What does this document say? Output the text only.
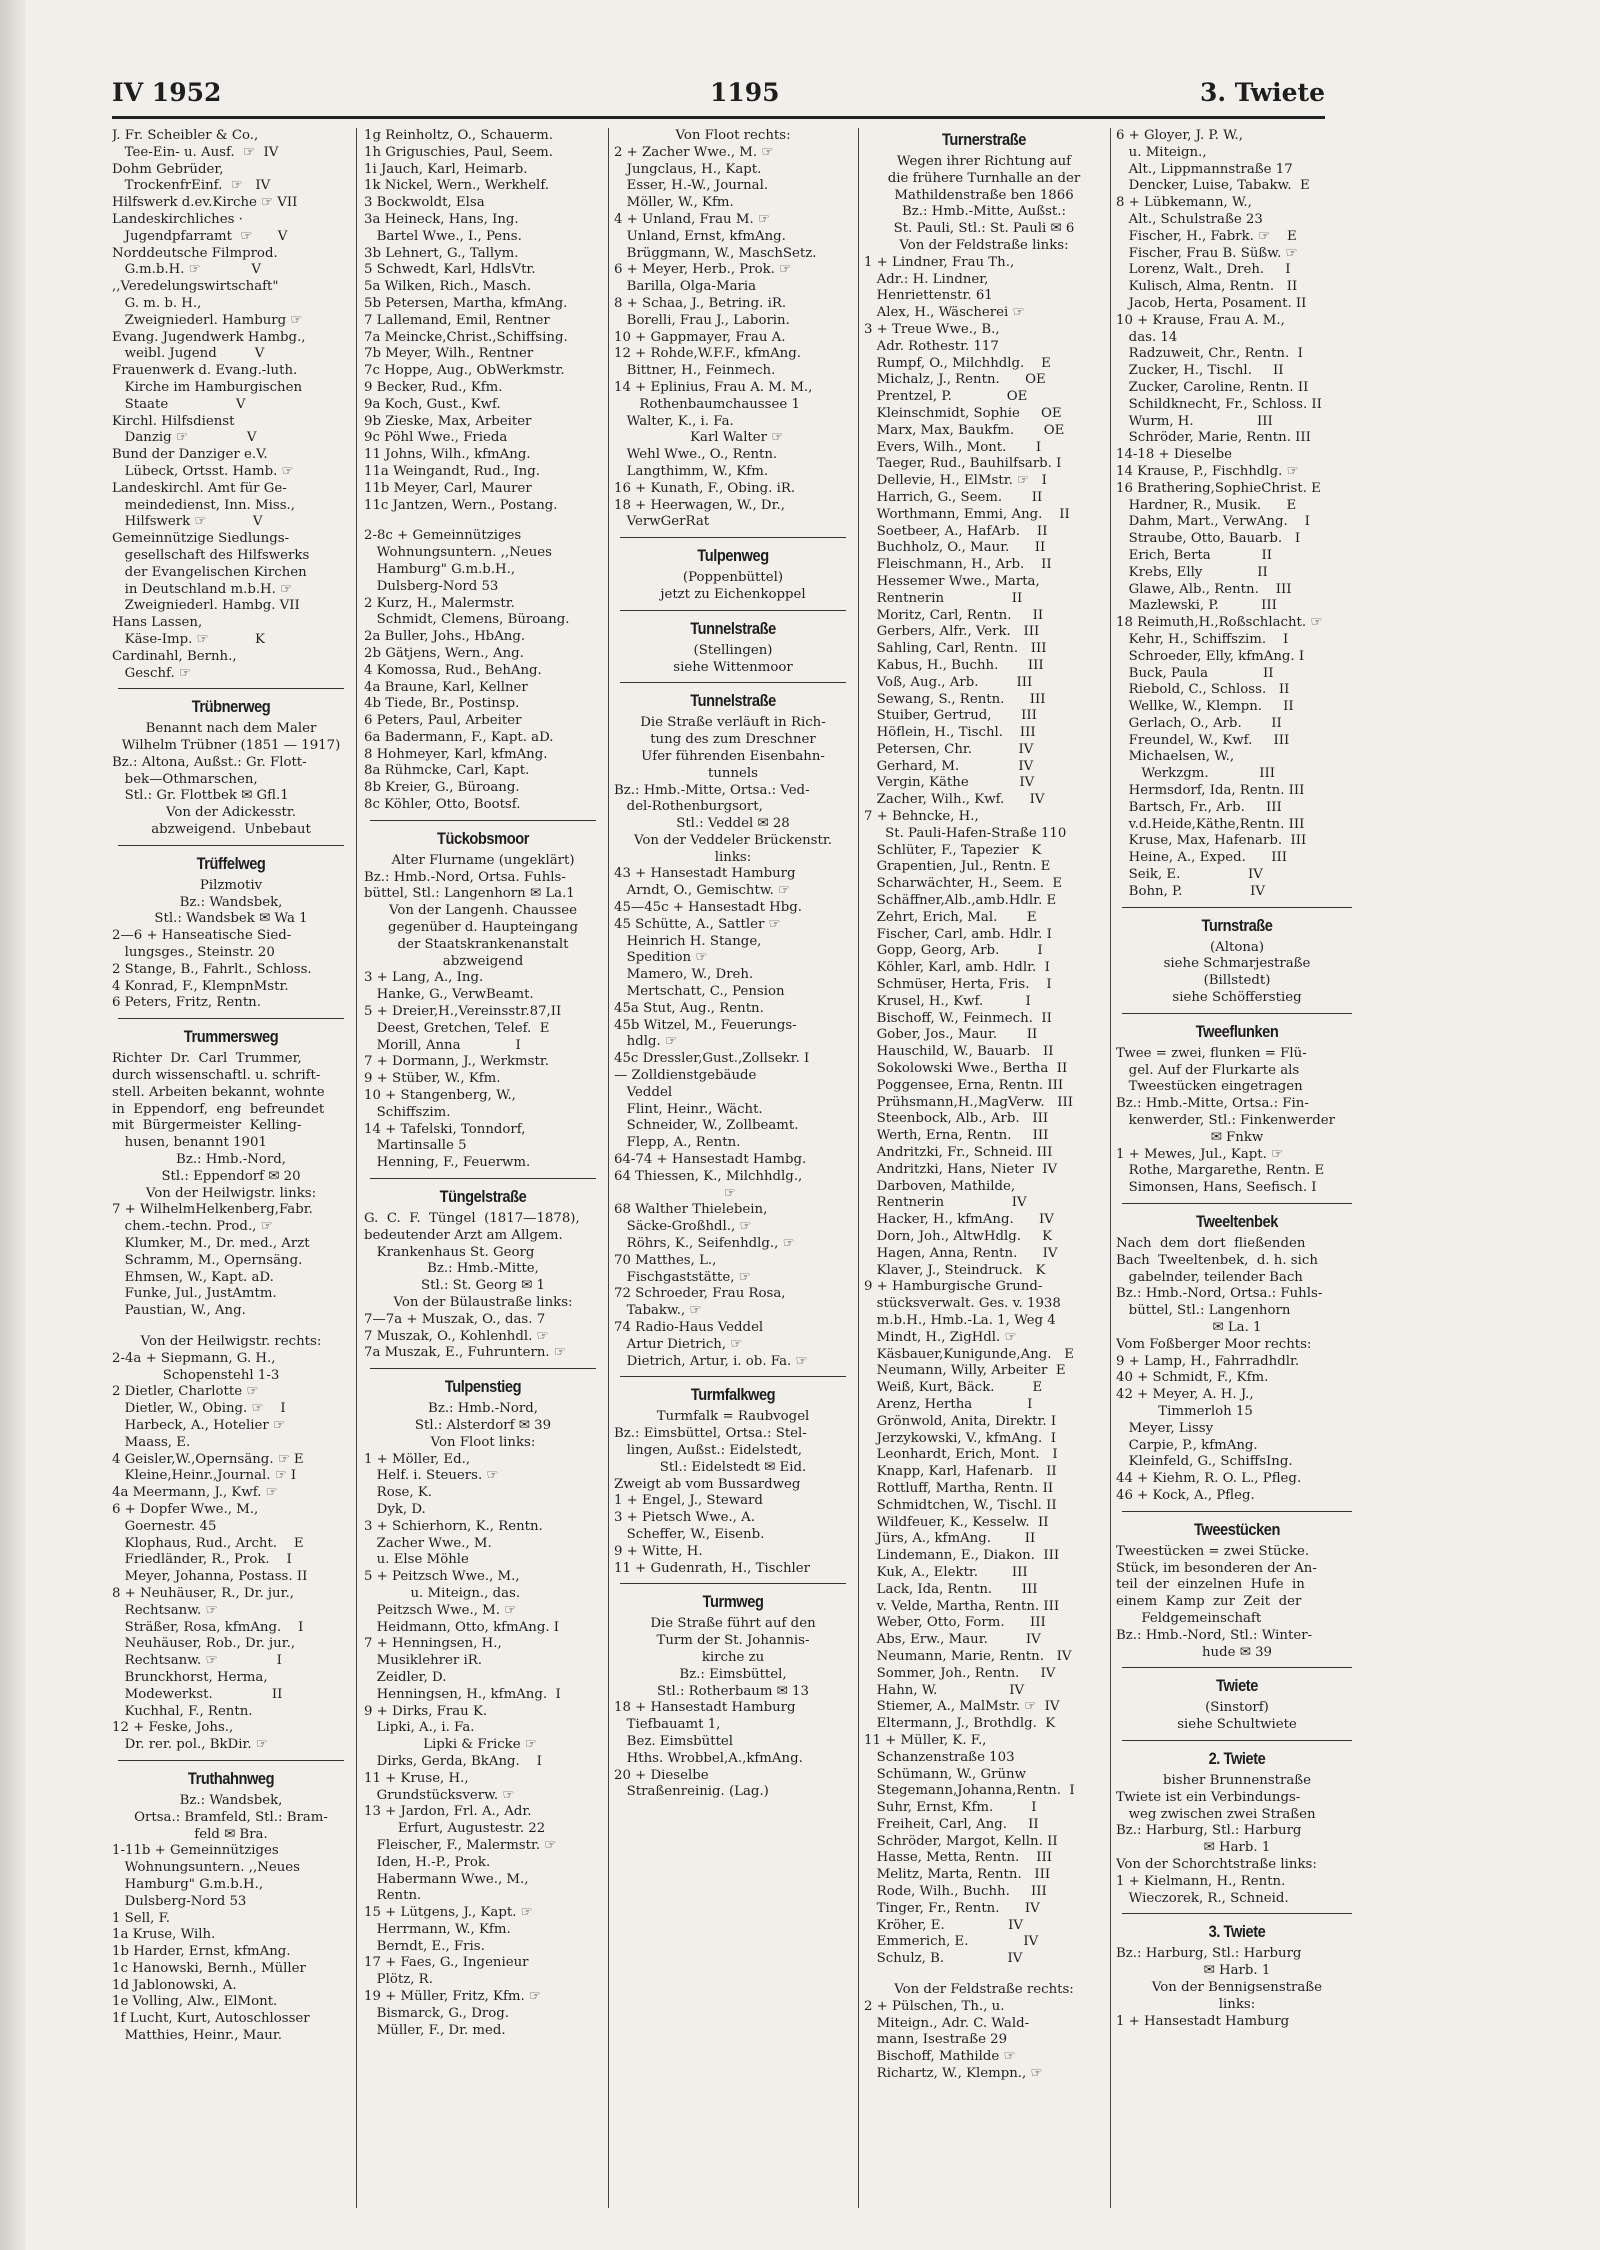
IV 1952	1195	3. Twiete
J. Fr. Scheibler & Co.,
Tee-Ein- u. Ausf.  ☞  IV
Dohm Gebrüder,
TrockenfrEinf.  ☞   IV
Hilfswerk d.ev.Kirche ☞ VII
Landeskirchliches ·
Jugendpfarramt  ☞      V
Norddeutsche Filmprod.
G.m.b.H. ☞            V
,,Veredelungswirtschaft"
G. m. b. H.,
Zweigniederl. Hamburg ☞
Evang. Jugendwerk Hambg.,
weibl. Jugend         V
Frauenwerk d. Evang.-luth.
Kirche im Hamburgischen
Staate                V
Kirchl. Hilfsdienst
Danzig ☞              V
Bund der Danziger e.V.
Lübeck, Ortsst. Hamb. ☞
Landeskirchl. Amt für Ge-
meindedienst, Inn. Miss.,
Hilfswerk ☞           V
Gemeinnützige Siedlungs-
gesellschaft des Hilfswerks
der Evangelischen Kirchen
in Deutschland m.b.H. ☞
Zweigniederl. Hambg. VII
Hans Lassen,
Käse-Imp. ☞           K
Cardinahl, Bernh.,
Geschf. ☞
Trübnerweg
Benannt nach dem Maler
Wilhelm Trübner (1851 — 1917)
Bz.: Altona, Außst.: Gr. Flott-
bek—Othmarschen,
Stl.: Gr. Flottbek ✉ Gfl.1
Von der Adickesstr.
abzweigend.  Unbebaut
Trüffelweg
Pilzmotiv
Bz.: Wandsbek,
Stl.: Wandsbek ✉ Wa 1
2—6 + Hanseatische Sied-
lungsges., Steinstr. 20
2 Stange, B., Fahrlt., Schloss.
4 Konrad, F., KlempnMstr.
6 Peters, Fritz, Rentn.
Trummersweg
Richter  Dr.  Carl  Trummer,
durch wissenschaftl. u. schrift-
stell. Arbeiten bekannt, wohnte
in  Eppendorf,  eng  befreundet
mit  Bürgermeister  Kelling-
husen, benannt 1901
Bz.: Hmb.-Nord,
Stl.: Eppendorf ✉ 20
Von der Heilwigstr. links:
7 + WilhelmHelkenberg,Fabr.
chem.-techn. Prod., ☞
Klumker, M., Dr. med., Arzt
Schramm, M., Opernsäng.
Ehmsen, W., Kapt. aD.
Funke, Jul., JustAmtm.
Paustian, W., Ang.
Von der Heilwigstr. rechts:
2-4a + Siepmann, G. H.,
Schopenstehl 1-3
2 Dietler, Charlotte ☞
Dietler, W., Obing. ☞    I
Harbeck, A., Hotelier ☞
Maass, E.
4 Geisler,W.,Opernsäng. ☞ E
Kleine,Heinr.,Journal. ☞ I
4a Meermann, J., Kwf. ☞
6 + Dopfer Wwe., M.,
Goernestr. 45
Klophaus, Rud., Archt.    E
Friedländer, R., Prok.    I
Meyer, Johanna, Postass. II
8 + Neuhäuser, R., Dr. jur.,
Rechtsanw. ☞
Sträßer, Rosa, kfmAng.    I
Neuhäuser, Rob., Dr. jur.,
Rechtsanw. ☞              I
Brunckhorst, Herma,
Modewerkst.              II
Kuchhal, F., Rentn.
12 + Feske, Johs.,
Dr. rer. pol., BkDir. ☞
Truthahnweg
Bz.: Wandsbek,
Ortsa.: Bramfeld, Stl.: Bram-
feld ✉ Bra.
1-11b + Gemeinnütziges
Wohnungsuntern. ,,Neues
Hamburg" G.m.b.H.,
Dulsberg-Nord 53
1 Sell, F.
1a Kruse, Wilh.
1b Harder, Ernst, kfmAng.
1c Hanowski, Bernh., Müller
1d Jablonowski, A.
1e Volling, Alw., ElMont.
1f Lucht, Kurt, Autoschlosser
Matthies, Heinr., Maur.
1g Reinholtz, O., Schauerm.
1h Griguschies, Paul, Seem.
1i Jauch, Karl, Heimarb.
1k Nickel, Wern., Werkhelf.
3 Bockwoldt, Elsa
3a Heineck, Hans, Ing.
Bartel Wwe., I., Pens.
3b Lehnert, G., Tallym.
5 Schwedt, Karl, HdlsVtr.
5a Wilken, Rich., Masch.
5b Petersen, Martha, kfmAng.
7 Lallemand, Emil, Rentner
7a Meincke,Christ.,Schiffsing.
7b Meyer, Wilh., Rentner
7c Hoppe, Aug., ObWerkmstr.
9 Becker, Rud., Kfm.
9a Koch, Gust., Kwf.
9b Zieske, Max, Arbeiter
9c Pöhl Wwe., Frieda
11 Johns, Wilh., kfmAng.
11a Weingandt, Rud., Ing.
11b Meyer, Carl, Maurer
11c Jantzen, Wern., Postang.
2-8c + Gemeinnütziges
Wohnungsuntern. ,,Neues
Hamburg" G.m.b.H.,
Dulsberg-Nord 53
2 Kurz, H., Malermstr.
Schmidt, Clemens, Büroang.
2a Buller, Johs., HbAng.
2b Gätjens, Wern., Ang.
4 Komossa, Rud., BehAng.
4a Braune, Karl, Kellner
4b Tiede, Br., Postinsp.
6 Peters, Paul, Arbeiter
6a Badermann, F., Kapt. aD.
8 Hohmeyer, Karl, kfmAng.
8a Rühmcke, Carl, Kapt.
8b Kreier, G., Büroang.
8c Köhler, Otto, Bootsf.
Tückobsmoor
Alter Flurname (ungeklärt)
Bz.: Hmb.-Nord, Ortsa. Fuhls-
büttel, Stl.: Langenhorn ✉ La.1
Von der Langenh. Chaussee
gegenüber d. Haupteingang
der Staatskrankenanstalt
abzweigend
3 + Lang, A., Ing.
Hanke, G., VerwBeamt.
5 + Dreier,H.,Vereinsstr.87,II
Deest, Gretchen, Telef.  E
Morill, Anna             I
7 + Dormann, J., Werkmstr.
9 + Stüber, W., Kfm.
10 + Stangenberg, W.,
Schiffszim.
14 + Tafelski, Tonndorf,
Martinsalle 5
Henning, F., Feuerwm.
Tüngelstraße
G.  C.  F.  Tüngel  (1817—1878),
bedeutender Arzt am Allgem.
Krankenhaus St. Georg
Bz.: Hmb.-Mitte,
Stl.: St. Georg ✉ 1
Von der Bülaustraße links:
7—7a + Muszak, O., das. 7
7 Muszak, O., Kohlenhdl. ☞
7a Muszak, E., Fuhruntern. ☞
Tulpenstieg
Bz.: Hmb.-Nord,
Stl.: Alsterdorf ✉ 39
Von Floot links:
1 + Möller, Ed.,
Helf. i. Steuers. ☞
Rose, K.
Dyk, D.
3 + Schierhorn, K., Rentn.
Zacher Wwe., M.
u. Else Möhle
5 + Peitzsch Wwe., M.,
u. Miteign., das.
Peitzsch Wwe., M. ☞
Heidmann, Otto, kfmAng. I
7 + Henningsen, H.,
Musiklehrer iR.
Zeidler, D.
Henningsen, H., kfmAng.  I
9 + Dirks, Frau K.
Lipki, A., i. Fa.
Lipki & Fricke ☞
Dirks, Gerda, BkAng.    I
11 + Kruse, H.,
Grundstücksverw. ☞
13 + Jardon, Frl. A., Adr.
Erfurt, Augustestr. 22
Fleischer, F., Malermstr. ☞
Iden, H.-P., Prok.
Habermann Wwe., M.,
Rentn.
15 + Lütgens, J., Kapt. ☞
Herrmann, W., Kfm.
Berndt, E., Fris.
17 + Faes, G., Ingenieur
Plötz, R.
19 + Müller, Fritz, Kfm. ☞
Bismarck, G., Drog.
Müller, F., Dr. med.
Von Floot rechts:
2 + Zacher Wwe., M. ☞
Jungclaus, H., Kapt.
Esser, H.-W., Journal.
Möller, W., Kfm.
4 + Unland, Frau M. ☞
Unland, Ernst, kfmAng.
Brüggmann, W., MaschSetz.
6 + Meyer, Herb., Prok. ☞
Barilla, Olga-Maria
8 + Schaa, J., Betring. iR.
Borelli, Frau J., Laborin.
10 + Gappmayer, Frau A.
12 + Rohde,W.F.F., kfmAng.
Bittner, H., Feinmech.
14 + Eplinius, Frau A. M. M.,
Rothenbaumchaussee 1
Walter, K., i. Fa.
Karl Walter ☞
Wehl Wwe., O., Rentn.
Langthimm, W., Kfm.
16 + Kunath, F., Obing. iR.
18 + Heerwagen, W., Dr.,
VerwGerRat
Tulpenweg
(Poppenbüttel)
jetzt zu Eichenkoppel
Tunnelstraße
(Stellingen)
siehe Wittenmoor
Tunnelstraße
Die Straße verläuft in Rich-
tung des zum Dreschner
Ufer führenden Eisenbahn-
tunnels
Bz.: Hmb.-Mitte, Ortsa.: Ved-
del-Rothenburgsort,
Stl.: Veddel ✉ 28
Von der Veddeler Brückenstr.
links:
43 + Hansestadt Hamburg
Arndt, O., Gemischtw. ☞
45—45c + Hansestadt Hbg.
45 Schütte, A., Sattler ☞
Heinrich H. Stange,
Spedition ☞
Mamero, W., Dreh.
Mertschatt, C., Pension
45a Stut, Aug., Rentn.
45b Witzel, M., Feuerungs-
hdlg. ☞
45c Dressler,Gust.,Zollsekr. I
— Zolldienstgebäude
Veddel
Flint, Heinr., Wächt.
Schneider, W., Zollbeamt.
Flepp, A., Rentn.
64-74 + Hansestadt Hambg.
64 Thiessen, K., Milchhdlg.,
☞
68 Walther Thielebein,
Säcke-Großhdl., ☞
Röhrs, K., Seifenhdlg., ☞
70 Matthes, L.,
Fischgaststätte, ☞
72 Schroeder, Frau Rosa,
Tabakw., ☞
74 Radio-Haus Veddel
Artur Dietrich, ☞
Dietrich, Artur, i. ob. Fa. ☞
Turmfalkweg
Turmfalk = Raubvogel
Bz.: Eimsbüttel, Ortsa.: Stel-
lingen, Außst.: Eidelstedt,
Stl.: Eidelstedt ✉ Eid.
Zweigt ab vom Bussardweg
1 + Engel, J., Steward
3 + Pietsch Wwe., A.
Scheffer, W., Eisenb.
9 + Witte, H.
11 + Gudenrath, H., Tischler
Turmweg
Die Straße führt auf den
Turm der St. Johannis-
kirche zu
Bz.: Eimsbüttel,
Stl.: Rotherbaum ✉ 13
18 + Hansestadt Hamburg
Tiefbauamt 1,
Bez. Eimsbüttel
Hths. Wrobbel,A.,kfmAng.
20 + Dieselbe
Straßenreinig. (Lag.)
Turnerstraße
Wegen ihrer Richtung auf
die frühere Turnhalle an der
Mathildenstraße ben 1866
Bz.: Hmb.-Mitte, Außst.:
St. Pauli, Stl.: St. Pauli ✉ 6
Von der Feldstraße links:
1 + Lindner, Frau Th.,
Adr.: H. Lindner,
Henriettenstr. 61
Alex, H., Wäscherei ☞
3 + Treue Wwe., B.,
Adr. Rothestr. 117
Rumpf, O., Milchhdlg.    E
Michalz, J., Rentn.      OE
Prentzel, P.             OE
Kleinschmidt, Sophie     OE
Marx, Max, Baukfm.       OE
Evers, Wilh., Mont.       I
Taeger, Rud., Bauhilfsarb. I
Dellevie, H., ElMstr. ☞   I
Harrich, G., Seem.       II
Worthmann, Emmi, Ang.    II
Soetbeer, A., HafArb.    II
Buchholz, O., Maur.      II
Fleischmann, H., Arb.    II
Hessemer Wwe., Marta,
Rentnerin                II
Moritz, Carl, Rentn.     II
Gerbers, Alfr., Verk.   III
Sahling, Carl, Rentn.   III
Kabus, H., Buchh.       III
Voß, Aug., Arb.         III
Sewang, S., Rentn.      III
Stuiber, Gertrud,       III
Höflein, H., Tischl.    III
Petersen, Chr.           IV
Gerhard, M.              IV
Vergin, Käthe            IV
Zacher, Wilh., Kwf.      IV
7 + Behncke, H.,
St. Pauli-Hafen-Straße 110
Schlüter, F., Tapezier   K
Grapentien, Jul., Rentn. E
Scharwächter, H., Seem.  E
Schäffner,Alb.,amb.Hdlr. E
Zehrt, Erich, Mal.       E
Fischer, Carl, amb. Hdlr. I
Gopp, Georg, Arb.         I
Köhler, Karl, amb. Hdlr.  I
Schmüser, Herta, Fris.    I
Krusel, H., Kwf.          I
Bischoff, W., Feinmech.  II
Gober, Jos., Maur.       II
Hauschild, W., Bauarb.   II
Sokolowski Wwe., Bertha  II
Poggensee, Erna, Rentn. III
Prühsmann,H.,MagVerw.   III
Steenbock, Alb., Arb.   III
Werth, Erna, Rentn.     III
Andritzki, Fr., Schneid. III
Andritzki, Hans, Nieter  IV
Darboven, Mathilde,
Rentnerin                IV
Hacker, H., kfmAng.      IV
Dorn, Joh., AltwHdlg.     K
Hagen, Anna, Rentn.      IV
Klaver, J., Steindruck.   K
9 + Hamburgische Grund-
stücksverwalt. Ges. v. 1938
m.b.H., Hmb.-La. 1, Weg 4
Mindt, H., ZigHdl. ☞
Käsbauer,Kunigunde,Ang.   E
Neumann, Willy, Arbeiter  E
Weiß, Kurt, Bäck.         E
Arenz, Hertha             I
Grönwold, Anita, Direktr. I
Jerzykowski, V., kfmAng.  I
Leonhardt, Erich, Mont.   I
Knapp, Karl, Hafenarb.   II
Rottluff, Martha, Rentn. II
Schmidtchen, W., Tischl. II
Wildfeuer, K., Kesselw.  II
Jürs, A., kfmAng.        II
Lindemann, E., Diakon.  III
Kuk, A., Elektr.        III
Lack, Ida, Rentn.       III
v. Velde, Martha, Rentn. III
Weber, Otto, Form.      III
Abs, Erw., Maur.         IV
Neumann, Marie, Rentn.   IV
Sommer, Joh., Rentn.     IV
Hahn, W.                 IV
Stiemer, A., MalMstr. ☞  IV
Eltermann, J., Brothdlg.  K
11 + Müller, K. F.,
Schanzenstraße 103
Schümann, W., Grünw
Stegemann,Johanna,Rentn.  I
Suhr, Ernst, Kfm.         I
Freiheit, Carl, Ang.     II
Schröder, Margot, Kelln. II
Hasse, Metta, Rentn.    III
Melitz, Marta, Rentn.   III
Rode, Wilh., Buchh.     III
Tinger, Fr., Rentn.      IV
Kröher, E.               IV
Emmerich, E.             IV
Schulz, B.               IV
Von der Feldstraße rechts:
2 + Pülschen, Th., u.
Miteign., Adr. C. Wald-
mann, Isestraße 29
Bischoff, Mathilde ☞
Richartz, W., Klempn., ☞
6 + Gloyer, J. P. W.,
u. Miteign.,
Alt., Lippmannstraße 17
Dencker, Luise, Tabakw.  E
8 + Lübkemann, W.,
Alt., Schulstraße 23
Fischer, H., Fabrk. ☞    E
Fischer, Frau B. Süßw. ☞
Lorenz, Walt., Dreh.     I
Kulisch, Alma, Rentn.   II
Jacob, Herta, Posament. II
10 + Krause, Frau A. M.,
das. 14
Radzuweit, Chr., Rentn.  I
Zucker, H., Tischl.     II
Zucker, Caroline, Rentn. II
Schildknecht, Fr., Schloss. II
Wurm, H.               III
Schröder, Marie, Rentn. III
14-18 + Dieselbe
14 Krause, P., Fischhdlg. ☞
16 Brathering,SophieChrist. E
Hardner, R., Musik.      E
Dahm, Mart., VerwAng.    I
Straube, Otto, Bauarb.   I
Erich, Berta            II
Krebs, Elly             II
Glawe, Alb., Rentn.    III
Mazlewski, P.          III
18 Reimuth,H.,Roßschlacht. ☞
Kehr, H., Schiffszim.    I
Schroeder, Elly, kfmAng. I
Buck, Paula             II
Riebold, C., Schloss.   II
Wellke, W., Klempn.     II
Gerlach, O., Arb.       II
Freundel, W., Kwf.     III
Michaelsen, W.,
Werkzgm.            III
Hermsdorf, Ida, Rentn. III
Bartsch, Fr., Arb.     III
v.d.Heide,Käthe,Rentn. III
Kruse, Max, Hafenarb.  III
Heine, A., Exped.      III
Seik, E.                IV
Bohn, P.                IV
Turnstraße
(Altona)
siehe Schmarjestraße
(Billstedt)
siehe Schöfferstieg
Tweeflunken
Twee = zwei, flunken = Flü-
gel. Auf der Flurkarte als
Tweestücken eingetragen
Bz.: Hmb.-Mitte, Ortsa.: Fin-
kenwerder, Stl.: Finkenwerder
✉ Fnkw
1 + Mewes, Jul., Kapt. ☞
Rothe, Margarethe, Rentn. E
Simonsen, Hans, Seefisch. I
Tweeltenbek
Nach  dem  dort  fließenden
Bach  Tweeltenbek,  d. h. sich
gabelnder, teilender Bach
Bz.: Hmb.-Nord, Ortsa.: Fuhls-
büttel, Stl.: Langenhorn
✉ La. 1
Vom Foßberger Moor rechts:
9 + Lamp, H., Fahrradhdlr.
40 + Schmidt, F., Kfm.
42 + Meyer, A. H. J.,
Timmerloh 15
Meyer, Lissy
Carpie, P., kfmAng.
Kleinfeld, G., SchiffsIng.
44 + Kiehm, R. O. L., Pfleg.
46 + Kock, A., Pfleg.
Tweestücken
Tweestücken = zwei Stücke.
Stück, im besonderen der An-
teil  der  einzelnen  Hufe  in
einem  Kamp  zur  Zeit  der
Feldgemeinschaft
Bz.: Hmb.-Nord, Stl.: Winter-
hude ✉ 39
Twiete
(Sinstorf)
siehe Schultwiete
2. Twiete
bisher Brunnenstraße
Twiete ist ein Verbindungs-
weg zwischen zwei Straßen
Bz.: Harburg, Stl.: Harburg
✉ Harb. 1
Von der Schorchtstraße links:
1 + Kielmann, H., Rentn.
Wieczorek, R., Schneid.
3. Twiete
Bz.: Harburg, Stl.: Harburg
✉ Harb. 1
Von der Bennigsenstraße
links:
1 + Hansestadt Hamburg
